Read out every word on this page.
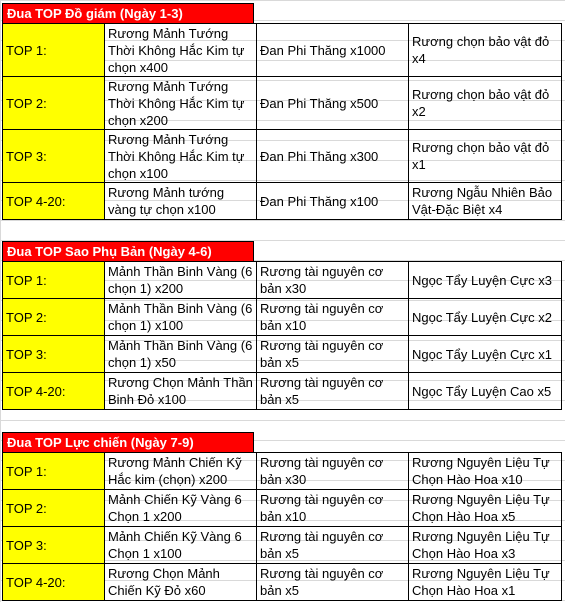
Đua TOP Đồ giám (Ngày 1-3)
TOP 1:	Rương Mảnh Tướng Thời Không Hắc Kim tự chọn x400	Đan Phi Thăng x1000	Rương chọn bảo vật đỏ x4
TOP 2:	Rương Mảnh Tướng Thời Không Hắc Kim tự chọn x200	Đan Phi Thăng x500	Rương chọn bảo vật đỏ x2
TOP 3:	Rương Mảnh Tướng Thời Không Hắc Kim tự chọn x100	Đan Phi Thăng x300	Rương chọn bảo vật đỏ x1
TOP 4-20:	Rương Mảnh tướng vàng tự chọn x100	Đan Phi Thăng x100	Rương Ngẫu Nhiên Bảo Vật-Đặc Biệt x4
Đua TOP Sao Phụ Bản (Ngày 4-6)
TOP 1:	Mảnh Thần Binh Vàng (6 chọn 1) x200	Rương tài nguyên cơ bản x30	Ngọc Tẩy Luyện Cực x3
TOP 2:	Mảnh Thần Binh Vàng (6 chọn 1) x100	Rương tài nguyên cơ bản x10	Ngọc Tẩy Luyện Cực x2
TOP 3:	Mảnh Thần Binh Vàng (6 chọn 1) x50	Rương tài nguyên cơ bản x5	Ngọc Tẩy Luyện Cực x1
TOP 4-20:	Rương Chọn Mảnh Thần Binh Đỏ x100	Rương tài nguyên cơ bản x5	Ngọc Tẩy Luyện Cao x5
Đua TOP Lực chiến (Ngày 7-9)
TOP 1:	Rương Mảnh Chiến Kỹ Hắc kim (chọn) x200	Rương tài nguyên cơ bản x30	Rương Nguyên Liệu Tự Chọn Hào Hoa x10
TOP 2:	Mảnh Chiến Kỹ Vàng 6 Chọn 1 x200	Rương tài nguyên cơ bản x10	Rương Nguyên Liệu Tự Chọn Hào Hoa x5
TOP 3:	Mảnh Chiến Kỹ Vàng 6 Chọn 1 x100	Rương tài nguyên cơ bản x5	Rương Nguyên Liệu Tự Chọn Hào Hoa x3
TOP 4-20:	Rương Chọn Mảnh Chiến Kỹ Đỏ x60	Rương tài nguyên cơ bản x5	Rương Nguyên Liệu Tự Chọn Hào Hoa x1
